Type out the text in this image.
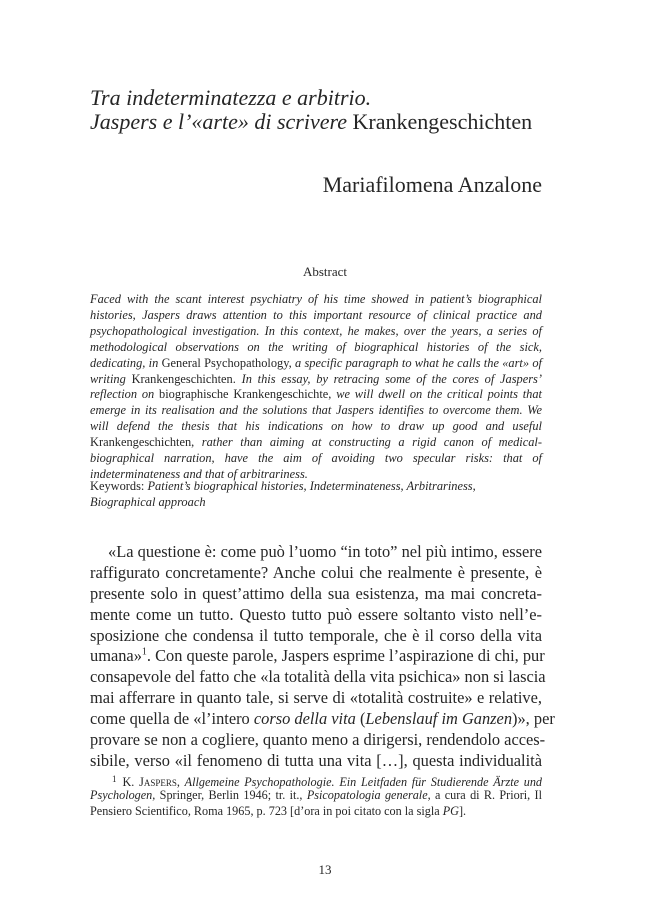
Tra indeterminatezza e arbitrio.
Jaspers e l’«arte» di scrivere Krankengeschichten
Mariafilomena Anzalone
Abstract
Faced with the scant interest psychiatry of his time showed in patient’s biographical histories, Jaspers draws attention to this important resource of clinical practice and psychopathological investigation. In this context, he makes, over the years, a series of methodological observations on the writing of biographical histories of the sick, dedicating, in General Psychopathology, a specific paragraph to what he calls the «art» of writing Krankengeschichten. In this essay, by retracing some of the cores of Jaspers’ reflection on biographische Krankengeschichte, we will dwell on the critical points that emerge in its realisation and the solutions that Jaspers identifies to overcome them. We will defend the thesis that his indications on how to draw up good and useful Krankengeschichten, rather than aiming at constructing a rigid canon of medical-biographical narration, have the aim of avoiding two specular risks: that of indeterminateness and that of arbitrariness.
Keywords: Patient’s biographical histories, Indeterminateness, Arbitrariness, Biographical approach
«La questione è: come può l’uomo “in toto” nel più intimo, essere
raffigurato concretamente? Anche colui che realmente è presente, è
presente solo in quest’attimo della sua esistenza, ma mai concreta-
mente come un tutto. Questo tutto può essere soltanto visto nell’e-
sposizione che condensa il tutto temporale, che è il corso della vita
umana»$^1$. Con queste parole, Jaspers esprime l’aspirazione di chi, pur
consapevole del fatto che «la totalità della vita psichica» non si lascia
mai afferrare in quanto tale, si serve di «totalità costruite» e relative,
come quella de «l’intero corso della vita (Lebenslauf im Ganzen)», per
provare se non a cogliere, quanto meno a dirigersi, rendendolo acces-
sibile, verso «il fenomeno di tutta una vita […], questa individualità
$^1$ K. Jaspers, Allgemeine Psychopathologie. Ein Leitfaden für Studierende Ärzte und
Psychologen, Springer, Berlin 1946; tr. it., Psicopatologia generale, a cura di R. Priori, Il
Pensiero Scientifico, Roma 1965, p. 723 [d’ora in poi citato con la sigla PG].
13
